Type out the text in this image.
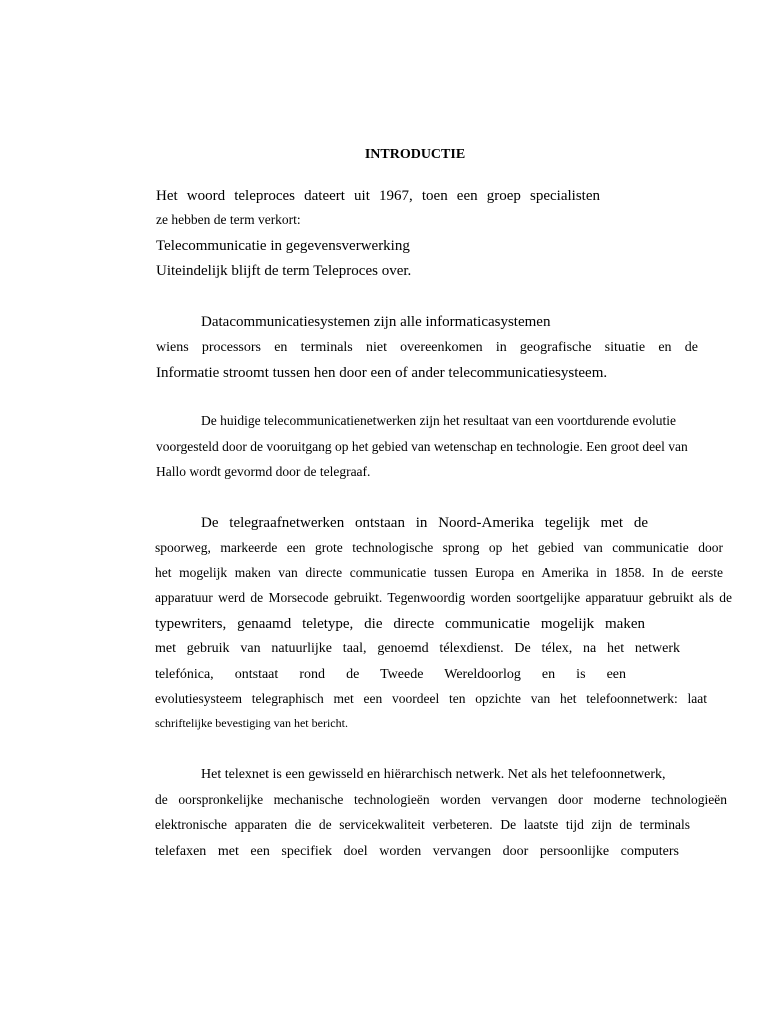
INTRODUCTIE
Het woord teleproces dateert uit 1967, toen een groep specialisten
ze hebben de term verkort:
Telecommunicatie in gegevensverwerking
Uiteindelijk blijft de term Teleproces over.
Datacommunicatiesystemen zijn alle informaticasystemen
wiens processors en terminals niet overeenkomen in geografische situatie en de
Informatie stroomt tussen hen door een of ander telecommunicatiesysteem.
De huidige telecommunicatienetwerken zijn het resultaat van een voortdurende evolutie
voorgesteld door de vooruitgang op het gebied van wetenschap en technologie. Een groot deel van
Hallo wordt gevormd door de telegraaf.
De telegraafnetwerken ontstaan in Noord-Amerika tegelijk met de
spoorweg, markeerde een grote technologische sprong op het gebied van communicatie door
het mogelijk maken van directe communicatie tussen Europa en Amerika in 1858. In de eerste
apparatuur werd de Morsecode gebruikt. Tegenwoordig worden soortgelijke apparatuur gebruikt als de
typewriters, genaamd teletype, die directe communicatie mogelijk maken
met gebruik van natuurlijke taal, genoemd télexdienst. De télex, na het netwerk
telefónica, ontstaat rond de Tweede Wereldoorlog en is een
evolutiesysteem telegraphisch met een voordeel ten opzichte van het telefoonnetwerk: laat
schriftelijke bevestiging van het bericht.
Het telexnet is een gewisseld en hiërarchisch netwerk. Net als het telefoonnetwerk,
de oorspronkelijke mechanische technologieën worden vervangen door moderne technologieën
elektronische apparaten die de servicekwaliteit verbeteren. De laatste tijd zijn de terminals
telefaxen met een specifiek doel worden vervangen door persoonlijke computers
